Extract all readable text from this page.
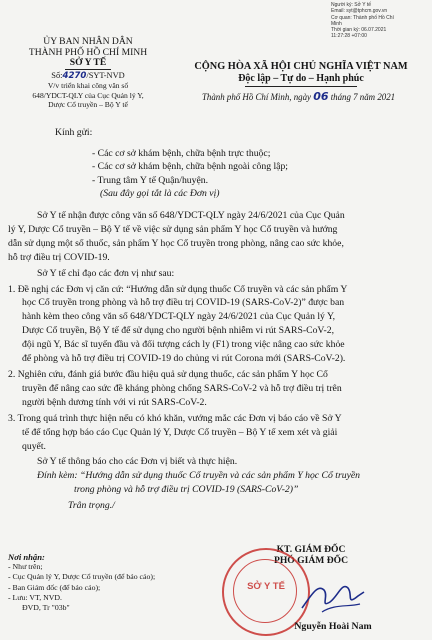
Người ký: Sở Y tế
Email: syt@tphcm.gov.vn
Cơ quan: Thành phố Hồ Chí
Minh
Thời gian ký: 06.07.2021
11:27:28 +07:00
ỦY BAN NHÂN DÂN
THÀNH PHỐ HỒ CHÍ MINH
SỞ Y TẾ
Số:4270/SYT-NVD
V/v triển khai công văn số
648/YDCT-QLY của Cục Quản lý Y,
Dược Cổ truyền – Bộ Y tế
CỘNG HÒA XÃ HỘI CHỦ NGHĨA VIỆT NAM
Độc lập – Tự do – Hạnh phúc
Thành phố Hồ Chí Minh, ngày 06 tháng 7 năm 2021
Kính gửi:
- Các cơ sở khám bệnh, chữa bệnh trực thuộc;
- Các cơ sở khám bệnh, chữa bệnh ngoài công lập;
- Trung tâm Y tế Quận/huyện.
(Sau đây gọi tắt là các Đơn vị)
Sở Y tế nhận được công văn số 648/YDCT-QLY ngày 24/6/2021 của Cục Quản
lý Y, Dược Cổ truyền – Bộ Y tế về việc sử dụng sản phẩm Y học Cổ truyền và hướng
dẫn sử dụng một số thuốc, sản phẩm Y học Cổ truyền trong phòng, nâng cao sức khỏe,
hỗ trợ điều trị COVID-19.
Sở Y tế chỉ đạo các đơn vị như sau:
1. Đề nghị các Đơn vị căn cứ: “Hướng dẫn sử dụng thuốc Cổ truyền và các sản phẩm Y
học Cổ truyền trong phòng và hỗ trợ điều trị COVID-19 (SARS-CoV-2)” được ban
hành kèm theo công văn số 648/YDCT-QLY ngày 24/6/2021 của Cục Quản lý Y,
Dược Cổ truyền, Bộ Y tế để sử dụng cho người bệnh nhiễm vi rút SARS-CoV-2,
đội ngũ Y, Bác sĩ tuyến đầu và đối tượng cách ly (F1) trong việc nâng cao sức khỏe
để phòng và hỗ trợ điều trị COVID-19 do chủng vi rút Corona mới (SARS-CoV-2).
2. Nghiên cứu, đánh giá bước đầu hiệu quả sử dụng thuốc, các sản phẩm Y học Cổ
truyền để nâng cao sức đề kháng phòng chống SARS-CoV-2 và hỗ trợ điều trị trên
người bệnh dương tính với vi rút SARS-CoV-2.
3. Trong quá trình thực hiện nếu có khó khăn, vướng mắc các Đơn vị báo cáo về Sở Y
tế để tổng hợp báo cáo Cục Quản lý Y, Dược Cổ truyền – Bộ Y tế xem xét và giải
quyết.
Sở Y tế thông báo cho các Đơn vị biết và thực hiện.
Đính kèm: “Hướng dẫn sử dụng thuốc Cổ truyền và các sản phẩm Y học Cổ truyền
trong phòng và hỗ trợ điều trị COVID-19 (SARS-CoV-2)”
Trân trọng./
Nơi nhận:
- Như trên;
- Cục Quản lý Y, Dược Cổ truyền (để báo cáo);
- Ban Giám đốc (để báo cáo);
- Lưu: VT, NVD.
ĐVD, Tr "03b"
KT. GIÁM ĐỐC
PHÓ GIÁM ĐỐC
SỞ Y TẾ
Nguyễn Hoài Nam
